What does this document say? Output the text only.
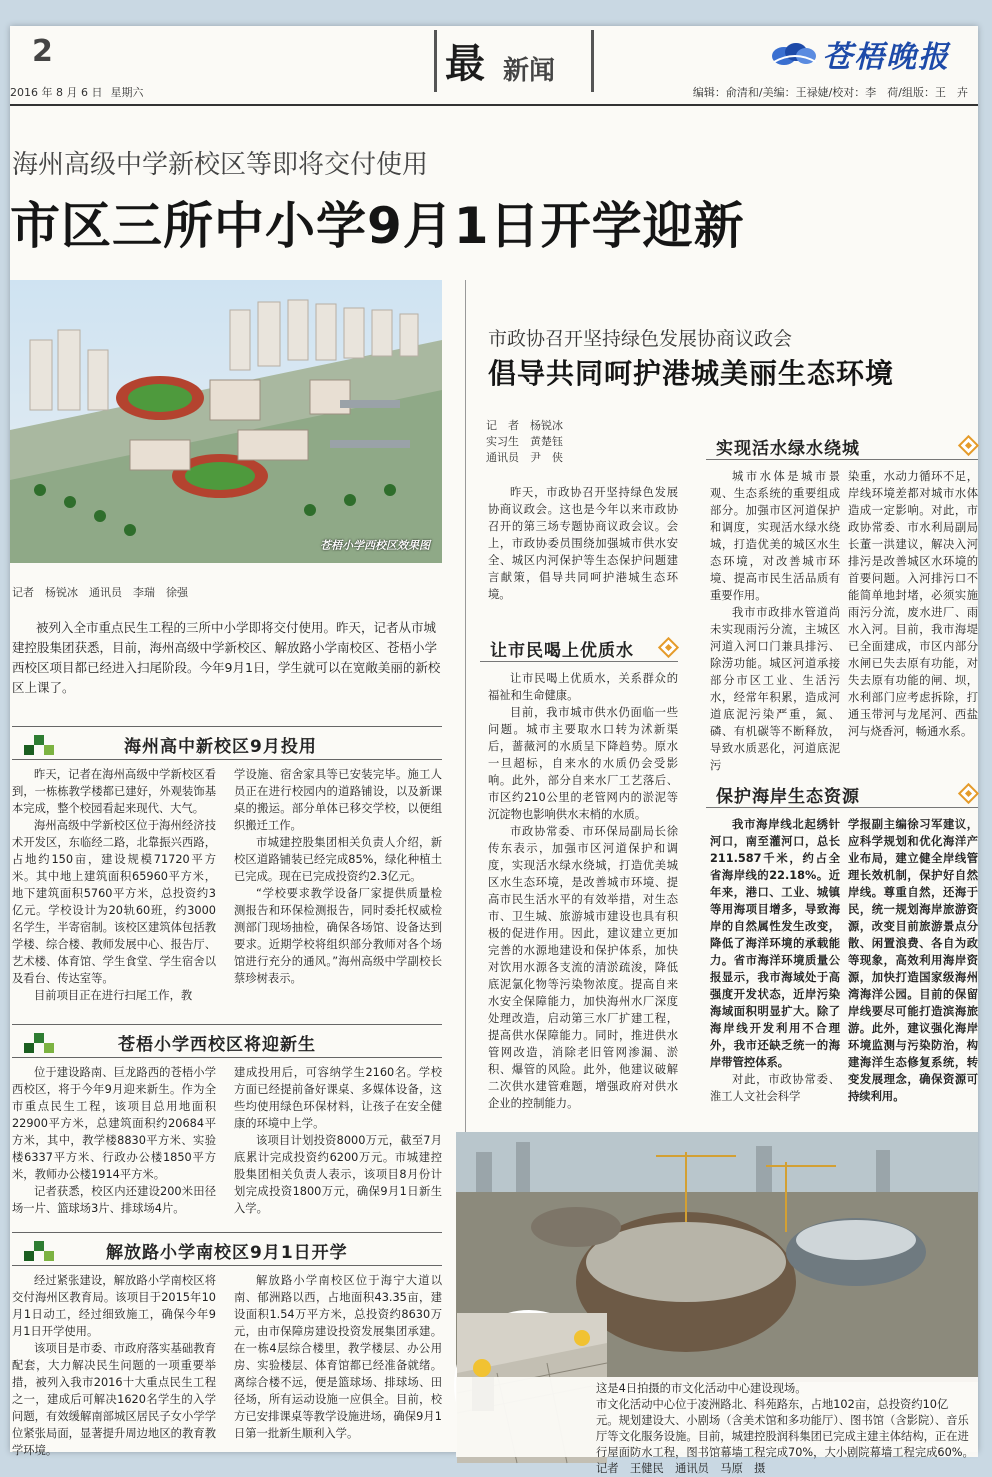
2
2016 年 8 月 6 日 星期六
最 新闻	苍梧晚报
编辑：俞清和/美编：王禄婕/校对：李　荷/组版：王　卉
海州高级中学新校区等即将交付使用
市区三所中小学9月1日开学迎新
苍梧小学西校区效果图
记者　杨锐冰　通讯员　李瑞　徐强
被列入全市重点民生工程的三所中小学即将交付使用。昨天，记者从市城建控股集团获悉，目前，海州高级中学新校区、解放路小学南校区、苍梧小学西校区项目都已经进入扫尾阶段。今年9月1日，学生就可以在宽敞美丽的新校区上课了。
海州高中新校区9月投用

昨天，记者在海州高级中学新校区看到，一栋栋教学楼都已建好，外观装饰基本完成，整个校园看起来现代、大气。

海州高级中学新校区位于海州经济技术开发区，东临经二路，北靠振兴西路，占地约150亩，建设规模71720平方米。其中地上建筑面积65960平方米，地下建筑面积5760平方米，总投资约3亿元。学校设计为20轨60班，约3000名学生，半寄宿制。该校区建筑体包括教学楼、综合楼、教师发展中心、报告厅、艺术楼、体育馆、学生食堂、学生宿舍以及看台、传达室等。

目前项目正在进行扫尾工作，教

学设施、宿舍家具等已安装完毕。施工人员正在进行校园内的道路铺设，以及新课桌的搬运。部分单体已移交学校，以便组织搬迁工作。

市城建控股集团相关负责人介绍，新校区道路铺装已经完成85%，绿化种植土已完成。现在已完成投资约2.3亿元。

“学校要求教学设备厂家提供质量检测报告和环保检测报告，同时委托权威检测部门现场抽检，确保各场馆、设备达到要求。近期学校将组织部分教师对各个场馆进行充分的通风。”海州高级中学副校长蔡珍树表示。

苍梧小学西校区将迎新生

位于建设路南、巨龙路西的苍梧小学西校区，将于今年9月迎来新生。作为全市重点民生工程，该项目总用地面积22900平方米，总建筑面积约20684平方米，其中，教学楼8830平方米、实验楼6337平方米、行政办公楼1850平方米，教师办公楼1914平方米。

记者获悉，校区内还建设200米田径场一片、篮球场3片、排球场4片。

建成投用后，可容纳学生2160名。学校方面已经提前备好课桌、多媒体设备，这些均使用绿色环保材料，让孩子在安全健康的环境中上学。

该项目计划投资8000万元，截至7月底累计完成投资约6200万元。市城建控股集团相关负责人表示，该项目8月份计划完成投资1800万元，确保9月1日新生入学。

解放路小学南校区9月1日开学

经过紧张建设，解放路小学南校区将交付海州区教育局。该项目于2015年10月1日动工，经过细致施工，确保今年9月1日开学使用。

该项目是市委、市政府落实基础教育配套，大力解决民生问题的一项重要举措，被列入我市2016十大重点民生工程之一，建成后可解决1620名学生的入学问题，有效缓解南部城区居民子女小学学位紧张局面，显著提升周边地区的教育教学环境。

解放路小学南校区位于海宁大道以南、郁洲路以西，占地面积43.35亩，建设面积1.54万平方米，总投资约8630万元，由市保障房建设投资发展集团承建。在一栋4层综合楼里，教学楼层、办公用房、实验楼层、体育馆都已经准备就绪。离综合楼不远，便是篮球场、排球场、田径场，所有运动设施一应俱全。目前，校方已安排课桌等教学设施进场，确保9月1日第一批新生顺利入学。

市政协召开坚持绿色发展协商议政会
倡导共同呵护港城美丽生态环境
记　者　杨锐冰
实习生　黄楚钰
通讯员　尹　侠

昨天，市政协召开坚持绿色发展协商议政会。这也是今年以来市政协召开的第三场专题协商议政会议。会上，市政协委员围绕加强城市供水安全、城区内河保护等生态保护问题建言献策，倡导共同呵护港城生态环境。

让市民喝上优质水

让市民喝上优质水，关系群众的福祉和生命健康。

目前，我市城市供水仍面临一些问题。城市主要取水口转为沭新渠后，蔷薇河的水质呈下降趋势。原水一旦超标，自来水的水质仍会受影响。此外，部分自来水厂工艺落后、市区约210公里的老管网内的淤泥等沉淀物也影响供水末梢的水质。

市政协常委、市环保局副局长徐传东表示，加强市区河道保护和调度，实现活水绿水绕城，打造优美城区水生态环境，是改善城市环境、提高市民生活水平的有效举措，对生态市、卫生城、旅游城市建设也具有积极的促进作用。因此，建议建立更加完善的水源地建设和保护体系，加快对饮用水源各支流的清淤疏浚，降低底泥氯化物等污染物浓度。提高自来水安全保障能力，加快海州水厂深度处理改造，启动第三水厂扩建工程，提高供水保障能力。同时，推进供水管网改造，消除老旧管网渗漏、淤积、爆管的风险。此外，他建议破解二次供水建管难题，增强政府对供水企业的控制能力。

实现活水绿水绕城

城市水体是城市景观、生态系统的重要组成部分。加强市区河道保护和调度，实现活水绿水绕城，打造优美的城区水生态环境，对改善城市环境、提高市民生活品质有重要作用。

我市市政排水管道尚未实现雨污分流，主城区河道入河口门兼具排污、除涝功能。城区河道承接部分市区工业、生活污水，经常年积累，造成河道底泥污染严重，氮、磷、有机碳等不断释放，导致水质恶化，河道底泥污

染重，水动力循环不足，岸线环境差都对城市水体造成一定影响。对此，市政协常委、市水利局副局长董一洪建议，解决入河排污是改善城区水环境的首要问题。入河排污口不能简单地封堵，必须实施雨污分流，废水进厂、雨水入河。目前，我市海堤已全面建成，市区内部分水闸已失去原有功能，对失去原有功能的闸、坝，水利部门应考虑拆除，打通玉带河与龙尾河、西盐河与烧香河，畅通水系。

保护海岸生态资源

我市海岸线北起绣针河口，南至灌河口，总长211.587千米，约占全省海岸线的22.18%。近年来，港口、工业、城镇等用海项目增多，导致海岸的自然属性发生改变，降低了海洋环境的承载能力。省市海洋环境质量公报显示，我市海域处于高强度开发状态，近岸污染海域面积明显扩大。除了海岸线开发利用不合理外，我市还缺乏统一的海岸带管控体系。

对此，市政协常委、淮工人文社会科学

学报副主编徐习军建议，应科学规划和优化海洋产业布局，建立健全岸线管理长效机制，保护好自然岸线。尊重自然，还海于民，统一规划海岸旅游资源，改变目前旅游景点分散、闲置浪费、各自为政等现象，高效利用海岸资源，加快打造国家级海州湾海洋公园。目前的保留岸线要尽可能打造滨海旅游。此外，建议强化海岸环境监测与污染防治，构建海洋生态修复系统，转变发展理念，确保资源可持续利用。

这是4日拍摄的市文化活动中心建设现场。
市文化活动中心位于凌洲路北、科苑路东，占地102亩，总投资约10亿元。规划建设大、小剧场（含美术馆和多功能厅）、图书馆（含影院）、音乐厅等文化服务设施。目前，城建控股润科集团已完成主建主体结构，正在进行屋面防水工程，图书馆幕墙工程完成70%，大小剧院幕墙工程完成60%。　记者　王健民　通讯员　马原　摄
